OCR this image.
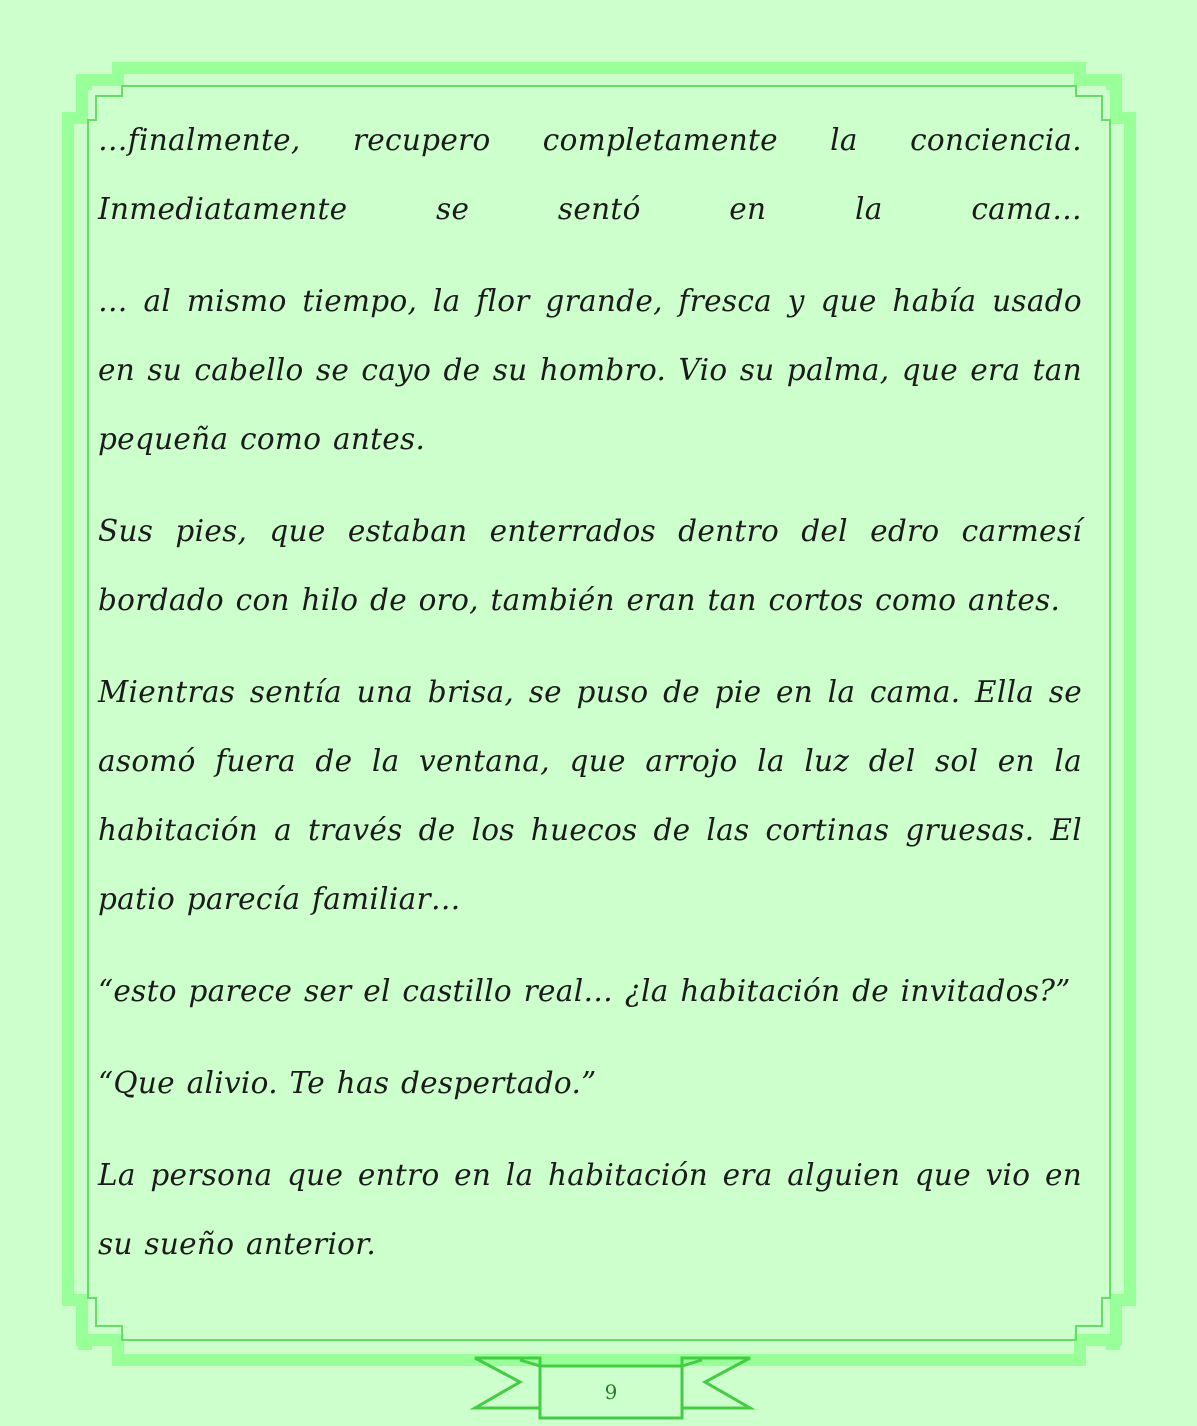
…finalmente, recupero completamente la conciencia. Inmediatamente se sentó en la cama…

… al mismo tiempo, la flor grande, fresca y que había usado en su cabello se cayo de su hombro. Vio su palma, que era tan pequeña como antes.

Sus pies, que estaban enterrados dentro del edro carmesí bordado con hilo de oro, también eran tan cortos como antes.

Mientras sentía una brisa, se puso de pie en la cama. Ella se asomó fuera de la ventana, que arrojo la luz del sol en la habitación a través de los huecos de las cortinas gruesas. El patio parecía familiar…

“esto parece ser el castillo real… ¿la habitación de invitados?”

“Que alivio. Te has despertado.”

La persona que entro en la habitación era alguien que vio en su sueño anterior.

9
